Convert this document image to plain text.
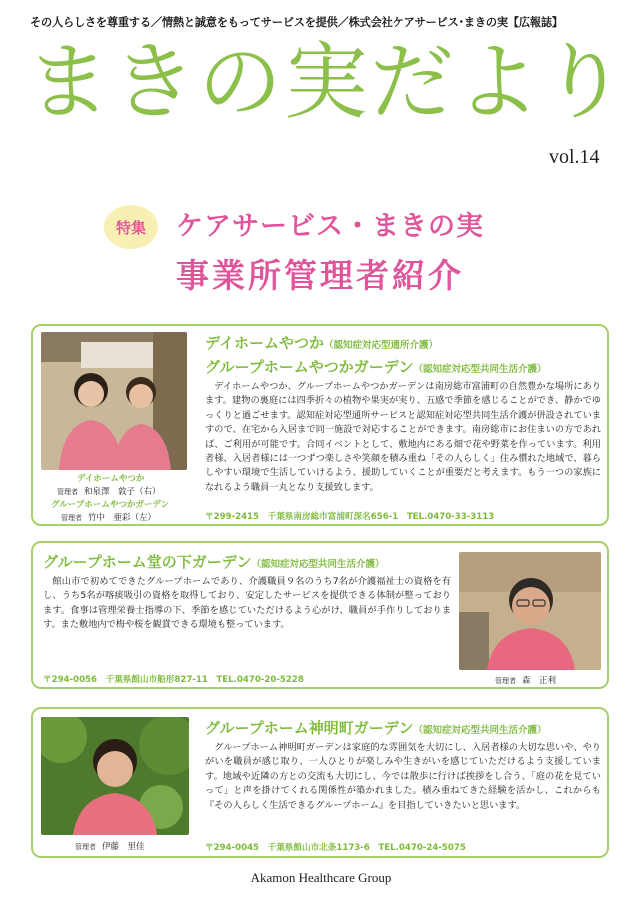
その人らしさを尊重する／情熱と誠意をもってサービスを提供／株式会社ケアサービス･まきの実【広報誌】
まきの実だより
vol.14
特集 ケアサービス・まきの実
事業所管理者紹介
デイホームやつか
管理者 和泉澤　敦子（右）
グループホームやつかガーデン
管理者 竹中　亜彩（左）
デイホームやつか（認知症対応型通所介護）
グループホームやつかガーデン（認知症対応型共同生活介護）
　デイホームやつか、グループホームやつかガーデンは南房総市富浦町の自然豊かな場所にあります。建物の裏庭には四季折々の植物や果実が実り、五感で季節を感じることができ、静かでゆっくりと過ごせます。認知症対応型通所サービスと認知症対応型共同生活介護が併設されていますので、在宅から入居まで同一施設で対応することができます。南房総市にお住まいの方であれば、ご利用が可能です。合同イベントとして、敷地内にある畑で花や野菜を作っています。利用者様、入居者様には一つずつ楽しさや笑顔を積み重ね「その人らしく」住み慣れた地域で、暮らしやすい環境で生活していけるよう、援助していくことが重要だと考えます。もう一つの家族になれるよう職員一丸となり支援致します。
〒299-2415　千葉県南房総市富浦町深名656-1　TEL.0470-33-3113
グループホーム堂の下ガーデン（認知症対応型共同生活介護）
　館山市で初めてできたグループホームであり、介護職員９名のうち7名が介護福祉士の資格を有し、うち5名が喀痰吸引の資格を取得しており、安定したサービスを提供できる体制が整っております。食事は管理栄養士指導の下、季節を感じていただけるよう心がけ、職員が手作りしております。また敷地内で梅や桜を観賞できる環境も整っています。
〒294-0056　千葉県館山市船形827-11　TEL.0470-20-5228	管理者 森　正利
管理者 伊藤　里佳
グループホーム神明町ガーデン（認知症対応型共同生活介護）
　グループホーム神明町ガーデンは家庭的な雰囲気を大切にし、入居者様の大切な思いや、やりがいを職員が感じ取り、一人ひとりが楽しみや生きがいを感じていただけるよう支援しています。地域や近隣の方との交流も大切にし、今では散歩に行けば挨拶をし合う、「庭の花を見ていって」と声を掛けてくれる関係性が築かれました。積み重ねてきた経験を活かし、これからも『その人らしく生活できるグループホーム』を目指していきたいと思います。
〒294-0045　千葉県館山市北条1173-6　TEL.0470-24-5075
Akamon Healthcare Group
